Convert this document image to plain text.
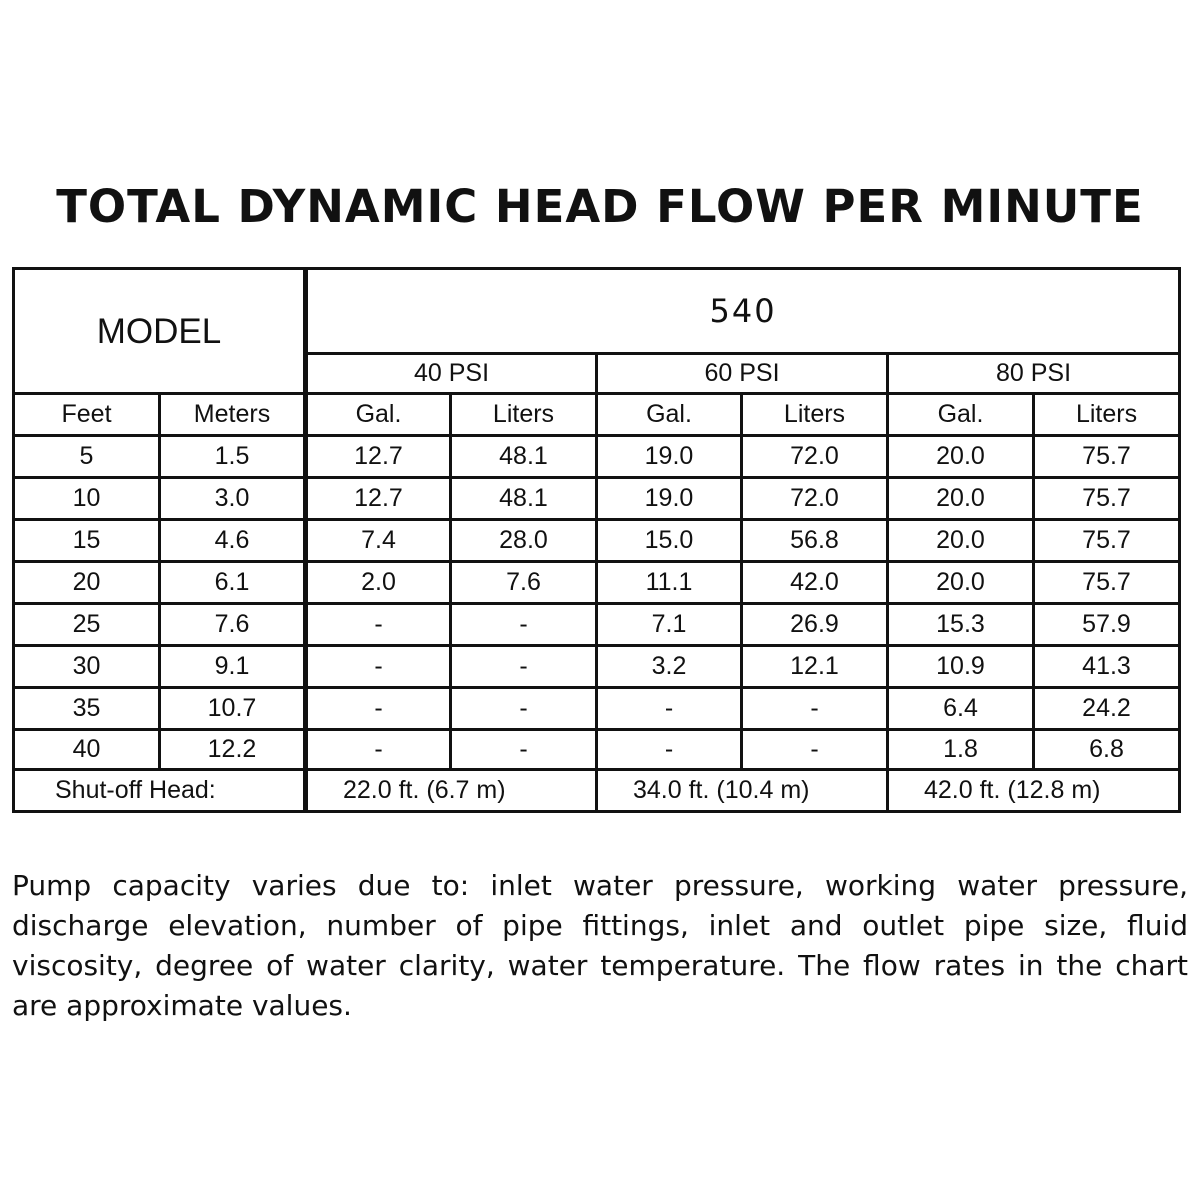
TOTAL DYNAMIC HEAD FLOW PER MINUTE
MODEL		540					
		40 PSI		60 PSI		80 PSI	
Feet	Meters	Gal.	Liters	Gal.	Liters	Gal.	Liters
5	1.5	12.7	48.1	19.0	72.0	20.0	75.7
10	3.0	12.7	48.1	19.0	72.0	20.0	75.7
15	4.6	7.4	28.0	15.0	56.8	20.0	75.7
20	6.1	2.0	7.6	11.1	42.0	20.0	75.7
25	7.6	-	-	7.1	26.9	15.3	57.9
30	9.1	-	-	3.2	12.1	10.9	41.3
35	10.7	-	-	-	-	6.4	24.2
40	12.2	-	-	-	-	1.8	6.8
Shut-off Head:		22.0 ft. (6.7 m)		34.0 ft. (10.4 m)		42.0 ft. (12.8 m)	

Pump capacity varies due to: inlet water pressure, working water pressure, discharge elevation, number of pipe fittings, inlet and outlet pipe size, fluid viscosity, degree of water clarity, water temperature. The flow rates in the chart are approximate values.
